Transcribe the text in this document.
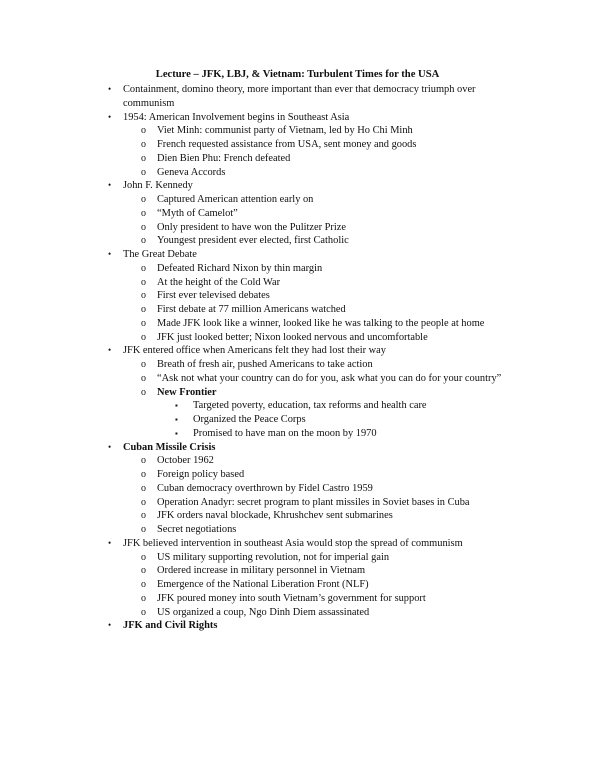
Lecture – JFK, LBJ, & Vietnam: Turbulent Times for the USA
• Containment, domino theory, more important than ever that democracy triumph over communism
• 1954: American Involvement begins in Southeast Asia
o Viet Minh: communist party of Vietnam, led by Ho Chi Minh
o French requested assistance from USA, sent money and goods
o Dien Bien Phu: French defeated
o Geneva Accords
• John F. Kennedy
o Captured American attention early on
o “Myth of Camelot”
o Only president to have won the Pulitzer Prize
o Youngest president ever elected, first Catholic
• The Great Debate
o Defeated Richard Nixon by thin margin
o At the height of the Cold War
o First ever televised debates
o First debate at 77 million Americans watched
o Made JFK look like a winner, looked like he was talking to the people at home
o JFK just looked better; Nixon looked nervous and uncomfortable
• JFK entered office when Americans felt they had lost their way
o Breath of fresh air, pushed Americans to take action
o “Ask not what your country can do for you, ask what you can do for your country”
o New Frontier
▪ Targeted poverty, education, tax reforms and health care
▪ Organized the Peace Corps
▪ Promised to have man on the moon by 1970
• Cuban Missile Crisis
o October 1962
o Foreign policy based
o Cuban democracy overthrown by Fidel Castro 1959
o Operation Anadyr: secret program to plant missiles in Soviet bases in Cuba
o JFK orders naval blockade, Khrushchev sent submarines
o Secret negotiations
• JFK believed intervention in southeast Asia would stop the spread of communism
o US military supporting revolution, not for imperial gain
o Ordered increase in military personnel in Vietnam
o Emergence of the National Liberation Front (NLF)
o JFK poured money into south Vietnam’s government for support
o US organized a coup, Ngo Dinh Diem assassinated
• JFK and Civil Rights
